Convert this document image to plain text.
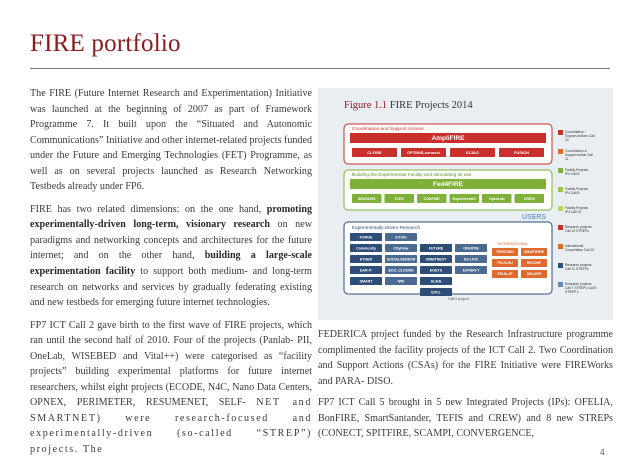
FIRE portfolio

The FIRE (Future Internet Research and Experimentation) Initiative was launched at the beginning of 2007 as part of Framework Programme 7. It built upon the “Situated and Autonomic Communications” Initiative and other internet-related projects funded under the Future and Emerging Technologies (FET) Programme, as well as on several projects launched as Research Networking Testbeds already under FP6.

FIRE has two related dimensions: on the one hand, promoting experimentally-driven long-term, visionary research on new paradigms and networking concepts and architectures for the future internet; and on the other hand, building a large-scale experimentation facility to support both medium- and long-term research on networks and services by gradually federating existing and new testbeds for emerging future internet technologies.

FP7 ICT Call 2 gave birth to the first wave of FIRE projects, which ran until the second half of 2010. Four of the projects (Panlab- PII, OneLab, WISEBED and Vital++) were categorised as “facility projects” building experimental platforms for future internet researchers, whilst eight projects (ECODE, N4C, Nano Data Centers, OPNEX, PERIMETER, RESUMENET, SELF- NET and SMARTNET) were research-focused and experimentally-driven (so-called “STREP”) projects. The

Figure 1.1 FIRE Projects 2014
Coordination and Support Actions
AmpliFIRE
CI-FIRE	OPTIMIS-connect	ECIAO	FUSION
Building the Experimental Facility and stimulating its use
Fed4FIRE
SENSORS	FLEX	CONFINE	ExperimentIO	OpenLab	CREW
USERS
Experimentally-driven Research
INTERNATIONAL
FORGE
Community
ETHER
EAR-IT
SMART
InTrAh
CityFlow
SOCIALSENSOR
ECO_CLOUDS
IWS
FUTURE
ORBITNEXT
EGETS
ALIEN
EXCL
OFERTIE
ES-LIVE
EXPERI-T
TRESCIMO
FELIX-EU
FELIX-JP
SMARTFIRE
RECONF
DELAYFI
Call 9 project
Coordination / Support actions Call 10
Coordination & Support action Call 11
Facility Projects IP4 Call 8
Facility Projects IP4 Call 8
Facility Projects IP4 Call 10
Research projects Call 10 STREPs
International Cooperation Call 10
Research projects Call 11 STREPs
Research projects Call 7 STREPs Call 8 STREP 1

FEDERICA project funded by the Research Infrastructure programme complimented the facility projects of the ICT Call 2. Two Coordination and Support Actions (CSAs) for the FIRE Initiative were FIREWorks and PARA- DISO.

FP7 ICT Call 5 brought in 5 new Integrated Projects (IPs): OFELIA, BonFIRE, SmartSantander, TEFIS and CREW) and 8 new STREPs (CONECT, SPITFIRE, SCAMPI, CONVERGENCE,

4
